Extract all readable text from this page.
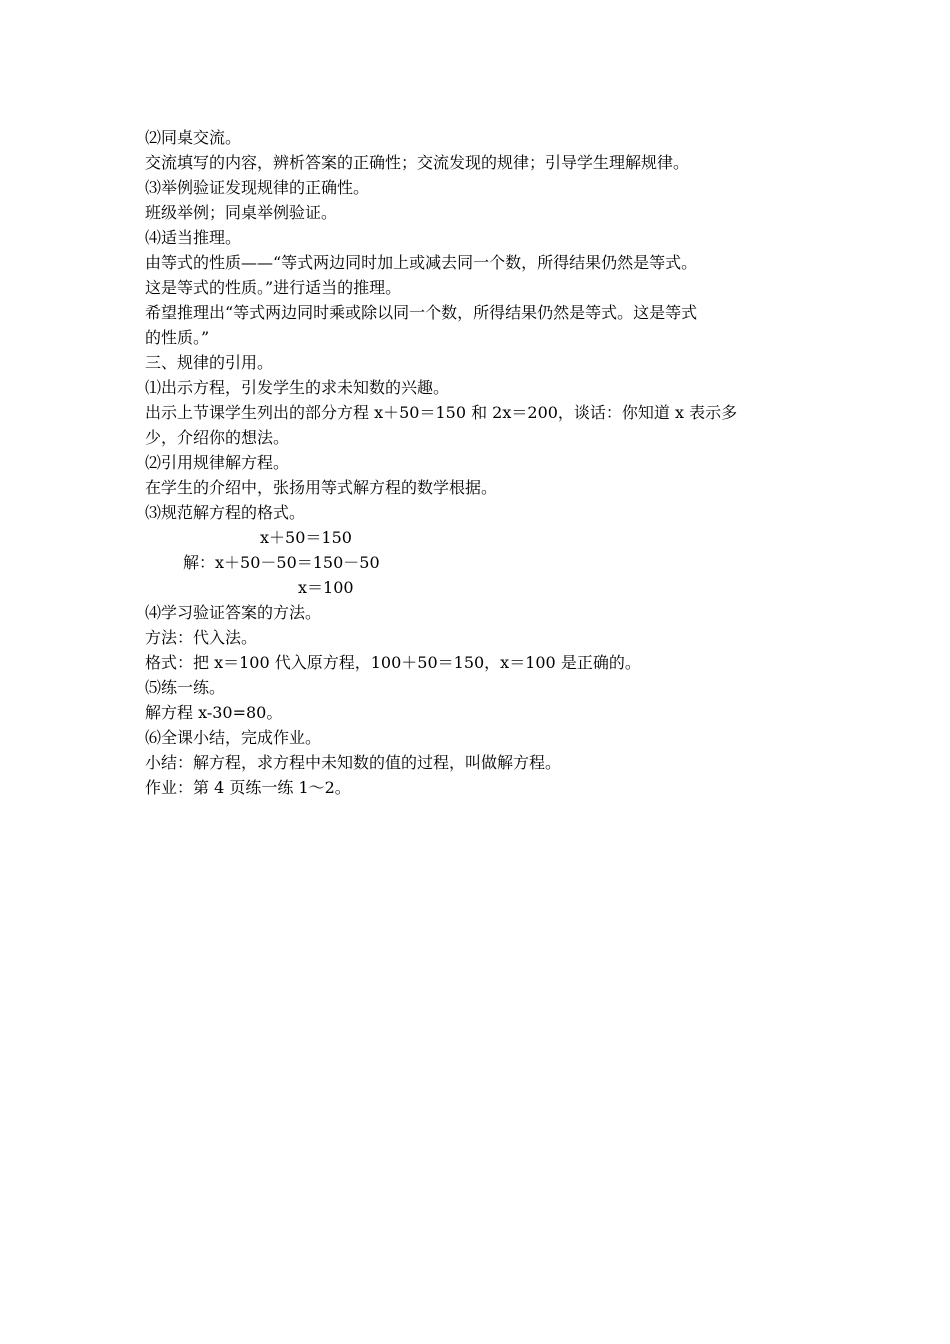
⑵同桌交流。
交流填写的内容，辨析答案的正确性；交流发现的规律；引导学生理解规律。
⑶举例验证发现规律的正确性。
班级举例；同桌举例验证。
⑷适当推理。
由等式的性质——“等式两边同时加上或减去同一个数，所得结果仍然是等式。
这是等式的性质。”进行适当的推理。
希望推理出“等式两边同时乘或除以同一个数，所得结果仍然是等式。这是等式
的性质。”
三、规律的引用。
⑴出示方程，引发学生的求未知数的兴趣。
出示上节课学生列出的部分方程 x＋50＝150 和 2x＝200，谈话：你知道 x 表示多
少，介绍你的想法。
⑵引用规律解方程。
在学生的介绍中，张扬用等式解方程的数学根据。
⑶规范解方程的格式。
x＋50＝150
解：x＋50－50＝150－50
x＝100
⑷学习验证答案的方法。
方法：代入法。
格式：把 x＝100 代入原方程，100＋50＝150，x＝100 是正确的。
⑸练一练。
解方程 x-30=80。
⑹全课小结，完成作业。
小结：解方程，求方程中未知数的值的过程，叫做解方程。
作业：第 4 页练一练 1～2。
